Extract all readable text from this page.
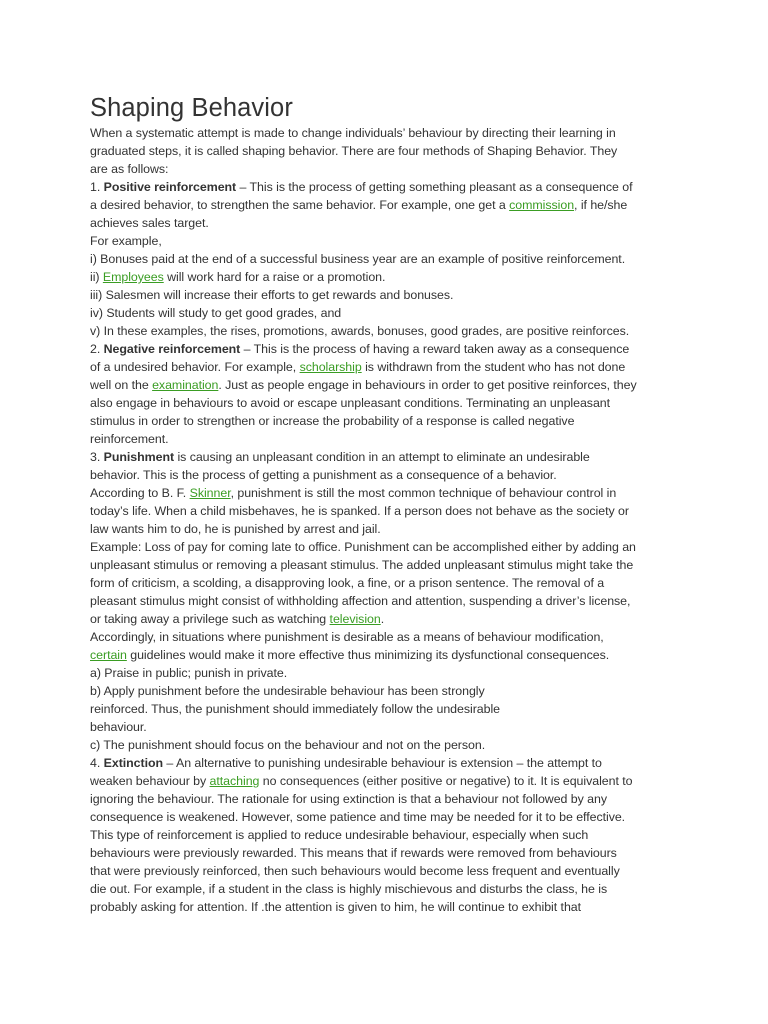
Shaping Behavior
When a systematic attempt is made to change individuals’ behaviour by directing their learning in
graduated steps, it is called shaping behavior. There are four methods of Shaping Behavior. They
are as follows:
1. Positive reinforcement – This is the process of getting something pleasant as a consequence of
a desired behavior, to strengthen the same behavior. For example, one get a commission, if he/she
achieves sales target.
For example,
i) Bonuses paid at the end of a successful business year are an example of positive reinforcement.
ii) Employees will work hard for a raise or a promotion.
iii) Salesmen will increase their efforts to get rewards and bonuses.
iv) Students will study to get good grades, and
v) In these examples, the rises, promotions, awards, bonuses, good grades, are positive reinforces.
2. Negative reinforcement – This is the process of having a reward taken away as a consequence
of a undesired behavior. For example, scholarship is withdrawn from the student who has not done
well on the examination. Just as people engage in behaviours in order to get positive reinforces, they
also engage in behaviours to avoid or escape unpleasant conditions. Terminating an unpleasant
stimulus in order to strengthen or increase the probability of a response is called negative
reinforcement.
3. Punishment is causing an unpleasant condition in an attempt to eliminate an undesirable
behavior. This is the process of getting a punishment as a consequence of a behavior.
According to B. F. Skinner, punishment is still the most common technique of behaviour control in
today’s life. When a child misbehaves, he is spanked. If a person does not behave as the society or
law wants him to do, he is punished by arrest and jail.
Example: Loss of pay for coming late to office. Punishment can be accomplished either by adding an
unpleasant stimulus or removing a pleasant stimulus. The added unpleasant stimulus might take the
form of criticism, a scolding, a disapproving look, a fine, or a prison sentence. The removal of a
pleasant stimulus might consist of withholding affection and attention, suspending a driver’s license,
or taking away a privilege such as watching television.
Accordingly, in situations where punishment is desirable as a means of behaviour modification,
certain guidelines would make it more effective thus minimizing its dysfunctional consequences.
a) Praise in public; punish in private.
b) Apply punishment before the undesirable behaviour has been strongly
reinforced. Thus, the punishment should immediately follow the undesirable
behaviour.
c) The punishment should focus on the behaviour and not on the person.
4. Extinction – An alternative to punishing undesirable behaviour is extension – the attempt to
weaken behaviour by attaching no consequences (either positive or negative) to it. It is equivalent to
ignoring the behaviour. The rationale for using extinction is that a behaviour not followed by any
consequence is weakened. However, some patience and time may be needed for it to be effective.
This type of reinforcement is applied to reduce undesirable behaviour, especially when such
behaviours were previously rewarded. This means that if rewards were removed from behaviours
that were previously reinforced, then such behaviours would become less frequent and eventually
die out. For example, if a student in the class is highly mischievous and disturbs the class, he is
probably asking for attention. If .the attention is given to him, he will continue to exhibit that
